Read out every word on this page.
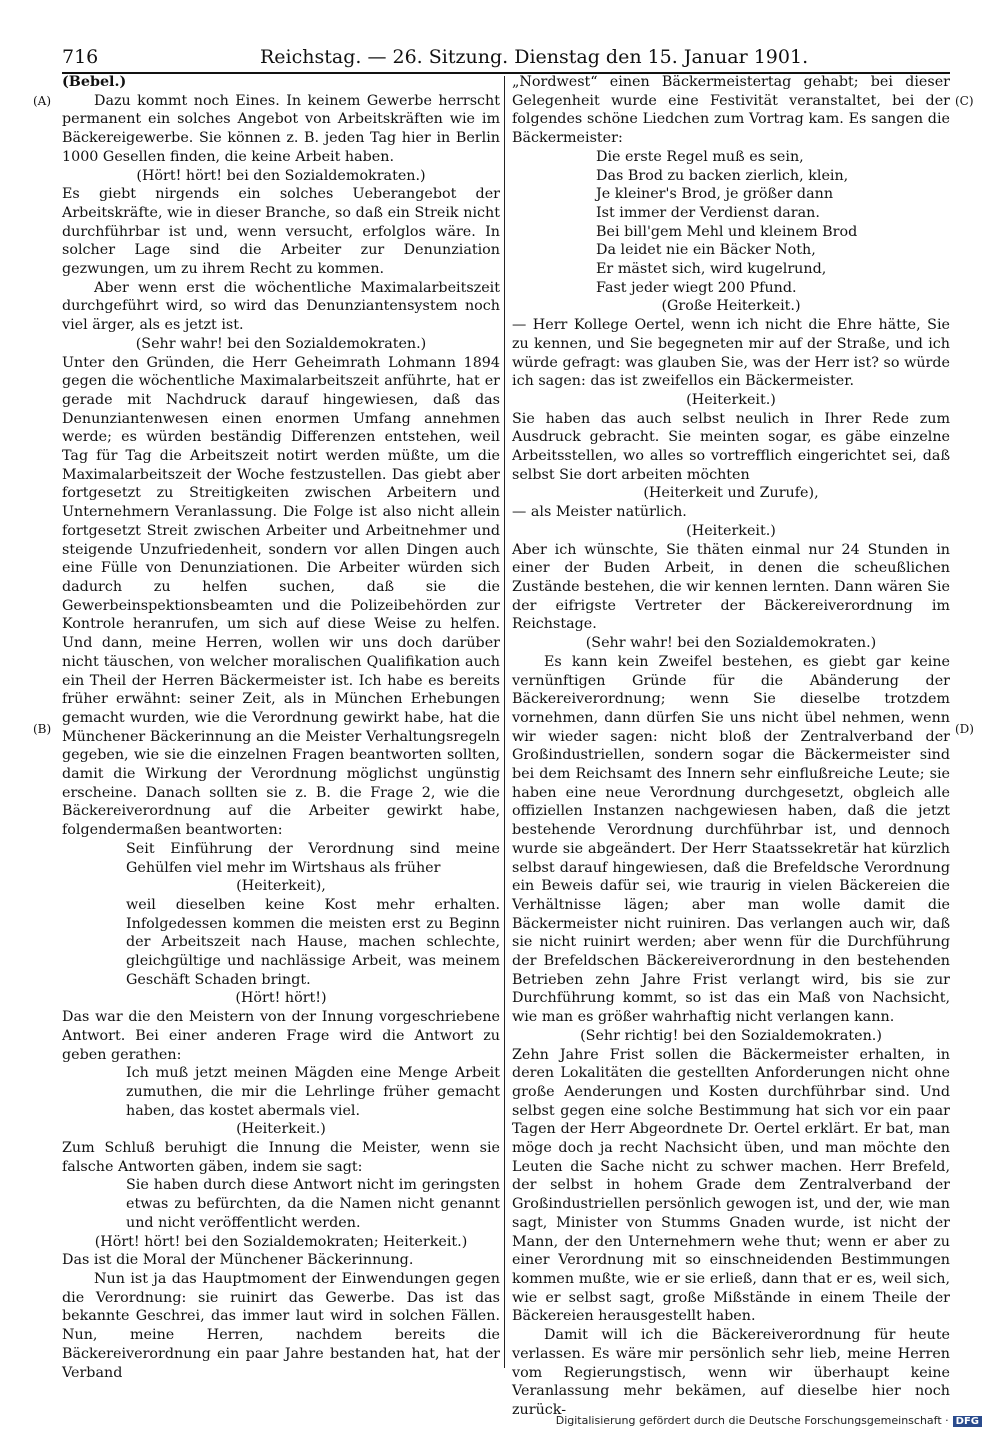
716	Reichstag. — 26. Sitzung. Dienstag den 15. Januar 1901.
(A)
(B)
(C)
(D)

(Bebel.)

Dazu kommt noch Eines. In keinem Gewerbe herrscht permanent ein solches Angebot von Arbeitskräften wie im Bäckereigewerbe. Sie können z. B. jeden Tag hier in Berlin 1000 Gesellen finden, die keine Arbeit haben.

(Hört! hört! bei den Sozialdemokraten.)

Es giebt nirgends ein solches Ueberangebot der Arbeitskräfte, wie in dieser Branche, so daß ein Streik nicht durchführbar ist und, wenn versucht, erfolglos wäre. In solcher Lage sind die Arbeiter zur Denunziation gezwungen, um zu ihrem Recht zu kommen.

Aber wenn erst die wöchentliche Maximalarbeitszeit durchgeführt wird, so wird das Denunziantensystem noch viel ärger, als es jetzt ist.

(Sehr wahr! bei den Sozialdemokraten.)

Unter den Gründen, die Herr Geheimrath Lohmann 1894 gegen die wöchentliche Maximalarbeitszeit anführte, hat er gerade mit Nachdruck darauf hingewiesen, daß das Denunziantenwesen einen enormen Umfang annehmen werde; es würden beständig Differenzen entstehen, weil Tag für Tag die Arbeitszeit notirt werden müßte, um die Maximalarbeitszeit der Woche festzustellen. Das giebt aber fortgesetzt zu Streitigkeiten zwischen Arbeitern und Unternehmern Veranlassung. Die Folge ist also nicht allein fortgesetzt Streit zwischen Arbeiter und Arbeitnehmer und steigende Unzufriedenheit, sondern vor allen Dingen auch eine Fülle von Denunziationen. Die Arbeiter würden sich dadurch zu helfen suchen, daß sie die Gewerbeinspektionsbeamten und die Polizeibehörden zur Kontrole heranrufen, um sich auf diese Weise zu helfen. Und dann, meine Herren, wollen wir uns doch darüber nicht täuschen, von welcher moralischen Qualifikation auch ein Theil der Herren Bäckermeister ist. Ich habe es bereits früher erwähnt: seiner Zeit, als in München Erhebungen gemacht wurden, wie die Verordnung gewirkt habe, hat die Münchener Bäckerinnung an die Meister Verhaltungsregeln gegeben, wie sie die einzelnen Fragen beantworten sollten, damit die Wirkung der Verordnung möglichst ungünstig erscheine. Danach sollten sie z. B. die Frage 2, wie die Bäckereiverordnung auf die Arbeiter gewirkt habe, folgendermaßen beantworten:

Seit Einführung der Verordnung sind meine Gehülfen viel mehr im Wirtshaus als früher

(Heiterkeit),

weil dieselben keine Kost mehr erhalten. Infolgedessen kommen die meisten erst zu Beginn der Arbeitszeit nach Hause, machen schlechte, gleichgültige und nachlässige Arbeit, was meinem Geschäft Schaden bringt.

(Hört! hört!)

Das war die den Meistern von der Innung vorgeschriebene Antwort. Bei einer anderen Frage wird die Antwort zu geben gerathen:

Ich muß jetzt meinen Mägden eine Menge Arbeit zumuthen, die mir die Lehrlinge früher gemacht haben, das kostet abermals viel.

(Heiterkeit.)

Zum Schluß beruhigt die Innung die Meister, wenn sie falsche Antworten gäben, indem sie sagt:

Sie haben durch diese Antwort nicht im geringsten etwas zu befürchten, da die Namen nicht genannt und nicht veröffentlicht werden.

(Hört! hört! bei den Sozialdemokraten; Heiterkeit.)

Das ist die Moral der Münchener Bäckerinnung.

Nun ist ja das Hauptmoment der Einwendungen gegen die Verordnung: sie ruinirt das Gewerbe. Das ist das bekannte Geschrei, das immer laut wird in solchen Fällen. Nun, meine Herren, nachdem bereits die Bäckereiverordnung ein paar Jahre bestanden hat, hat der Verband

„Nordwest“ einen Bäckermeistertag gehabt; bei dieser Gelegenheit wurde eine Festivität veranstaltet, bei der folgendes schöne Liedchen zum Vortrag kam. Es sangen die Bäckermeister:

Die erste Regel muß es sein,

Das Brod zu backen zierlich, klein,

Je kleiner's Brod, je größer dann

Ist immer der Verdienst daran.

Bei bill'gem Mehl und kleinem Brod

Da leidet nie ein Bäcker Noth,

Er mästet sich, wird kugelrund,

Fast jeder wiegt 200 Pfund.

(Große Heiterkeit.)

— Herr Kollege Oertel, wenn ich nicht die Ehre hätte, Sie zu kennen, und Sie begegneten mir auf der Straße, und ich würde gefragt: was glauben Sie, was der Herr ist? so würde ich sagen: das ist zweifellos ein Bäckermeister.

(Heiterkeit.)

Sie haben das auch selbst neulich in Ihrer Rede zum Ausdruck gebracht. Sie meinten sogar, es gäbe einzelne Arbeitsstellen, wo alles so vortrefflich eingerichtet sei, daß selbst Sie dort arbeiten möchten

(Heiterkeit und Zurufe),

— als Meister natürlich.

(Heiterkeit.)

Aber ich wünschte, Sie thäten einmal nur 24 Stunden in einer der Buden Arbeit, in denen die scheußlichen Zustände bestehen, die wir kennen lernten. Dann wären Sie der eifrigste Vertreter der Bäckereiverordnung im Reichstage.

(Sehr wahr! bei den Sozialdemokraten.)

Es kann kein Zweifel bestehen, es giebt gar keine vernünftigen Gründe für die Abänderung der Bäckereiverordnung; wenn Sie dieselbe trotzdem vornehmen, dann dürfen Sie uns nicht übel nehmen, wenn wir wieder sagen: nicht bloß der Zentralverband der Großindustriellen, sondern sogar die Bäckermeister sind bei dem Reichsamt des Innern sehr einflußreiche Leute; sie haben eine neue Verordnung durchgesetzt, obgleich alle offiziellen Instanzen nachgewiesen haben, daß die jetzt bestehende Verordnung durchführbar ist, und dennoch wurde sie abgeändert. Der Herr Staatssekretär hat kürzlich selbst darauf hingewiesen, daß die Brefeldsche Verordnung ein Beweis dafür sei, wie traurig in vielen Bäckereien die Verhältnisse lägen; aber man wolle damit die Bäckermeister nicht ruiniren. Das verlangen auch wir, daß sie nicht ruinirt werden; aber wenn für die Durchführung der Brefeldschen Bäckereiverordnung in den bestehenden Betrieben zehn Jahre Frist verlangt wird, bis sie zur Durchführung kommt, so ist das ein Maß von Nachsicht, wie man es größer wahrhaftig nicht verlangen kann.

(Sehr richtig! bei den Sozialdemokraten.)

Zehn Jahre Frist sollen die Bäckermeister erhalten, in deren Lokalitäten die gestellten Anforderungen nicht ohne große Aenderungen und Kosten durchführbar sind. Und selbst gegen eine solche Bestimmung hat sich vor ein paar Tagen der Herr Abgeordnete Dr. Oertel erklärt. Er bat, man möge doch ja recht Nachsicht üben, und man möchte den Leuten die Sache nicht zu schwer machen. Herr Brefeld, der selbst in hohem Grade dem Zentralverband der Großindustriellen persönlich gewogen ist, und der, wie man sagt, Minister von Stumms Gnaden wurde, ist nicht der Mann, der den Unternehmern wehe thut; wenn er aber zu einer Verordnung mit so einschneidenden Bestimmungen kommen mußte, wie er sie erließ, dann that er es, weil sich, wie er selbst sagt, große Mißstände in einem Theile der Bäckereien herausgestellt haben.

Damit will ich die Bäckereiverordnung für heute verlassen. Es wäre mir persönlich sehr lieb, meine Herren vom Regierungstisch, wenn wir überhaupt keine Veranlassung mehr bekämen, auf dieselbe hier noch zurück-

Digitalisierung gefördert durch die Deutsche Forschungsgemeinschaft · DFG
